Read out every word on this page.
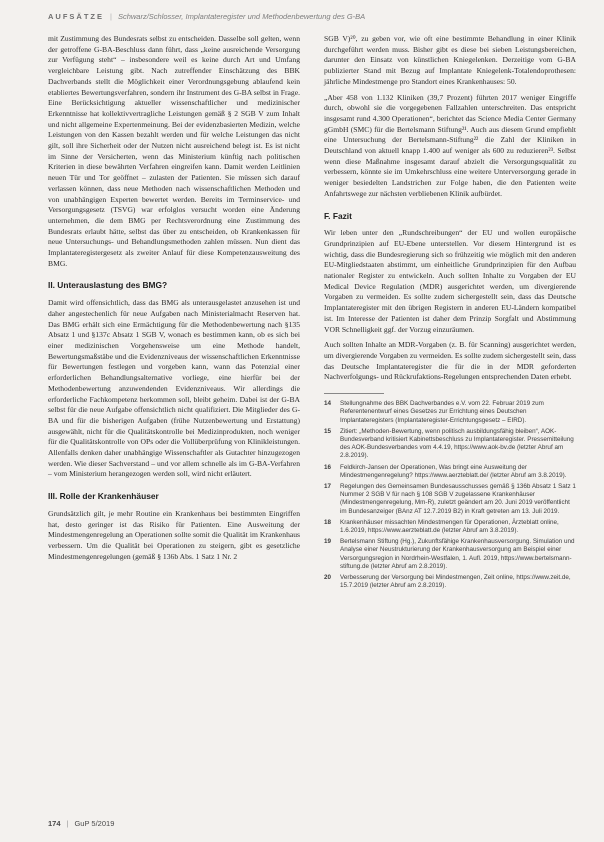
AUFSÄTZE | Schwarz/Schlosser, Implantateregister und Methodenbewertung des G-BA

mit Zustimmung des Bundesrats selbst zu entscheiden. Dasselbe soll gelten, wenn der getroffene G-BA-Beschluss dann führt, dass „keine ausreichende Versorgung zur Verfügung steht“ – insbesondere weil es keine durch Art und Umfang vergleichbare Leistung gibt. Nach zutreffender Einschätzung des BBK Dachverbands stellt die Möglichkeit einer Verordnungsgebung ablaufend kein etabliertes Bewertungsverfahren, sondern ihr Instrument des G-BA selbst in Frage. Eine Berücksichtigung aktueller wissenschaftlicher und medizinischer Erkenntnisse hat kollektivvertragliche Leistungen gemäß § 2 SGB V zum Inhalt und nicht allgemeine Expertenmeinung. Bei der evidenzbasierten Medizin, welche Leistungen von den Kassen bezahlt werden und für welche Leistungen das nicht gilt, soll ihre Sicherheit oder der Nutzen nicht ausreichend belegt ist. Es ist nicht im Sinne der Versicherten, wenn das Ministerium künftig nach politischen Kriterien in diese bewährten Verfahren eingreifen kann. Damit werden Leitlinien neuen Tür und Tor geöffnet – zulasten der Patienten. Sie müssen sich darauf verlassen können, dass neue Methoden nach wissenschaftlichen Methoden und von unabhängigen Experten bewertet werden. Bereits im Terminservice- und Versorgungsgesetz (TSVG) war erfolglos versucht worden eine Änderung unternehmen, die dem BMG per Rechtsverordnung eine Zustimmung des Bundesrats erlaubt hätte, selbst das über zu entscheiden, ob Krankenkassen für neue Untersuchungs- und Behandlungsmethoden zahlen müssen. Nun dient das Implantateregistergesetz als zweiter Anlauf für diese Kompetenzausweitung des BMG.

II. Unterauslastung des BMG?

Damit wird offensichtlich, dass das BMG als unterausgelastet anzusehen ist und daher angestechenlich für neue Aufgaben nach Ministerialmacht Reserven hat. Das BMG erhält sich eine Ermächtigung für die Methodenbewertung nach §135 Absatz 1 und §137c Absatz 1 SGB V, wonach es bestimmen kann, ob es sich bei einer medizinischen Vorgehensweise um eine Methode handelt, Bewertungsmaßstäbe und die Evidenzniveaus der wissenschaftlichen Erkenntnisse für Bewertungen festlegen und vorgeben kann, wann das Potenzial einer erforderlichen Behandlungsalternative vorliege, eine hierfür bei der Methodenbewertung anzuwendenden Evidenzniveaus. Wir allerdings die erforderliche Fachkompetenz herkommen soll, bleibt geheim. Dabei ist der G-BA selbst für die neue Aufgabe offensichtlich nicht qualifiziert. Die Mitglieder des G-BA und für die bisherigen Aufgaben (frühe Nutzenbewertung und Erstattung) ausgewählt, nicht für die Qualitätskontrolle bei Medizinprodukten, noch weniger für die Qualitätskontrolle von OPs oder die Vollüberprüfung von Klinikleistungen. Allenfalls denken daher unabhängige Wissenschaftler als Gutachter hinzugezogen werden. Wie dieser Sachverstand – und vor allem schnelle als im G-BA-Verfahren – vom Ministerium herangezogen werden soll, wird nicht erläutert.

III. Rolle der Krankenhäuser

Grundsätzlich gilt, je mehr Routine ein Krankenhaus bei bestimmten Eingriffen hat, desto geringer ist das Risiko für Patienten. Eine Ausweitung der Mindestmengenregelung an Operationen sollte somit die Qualität im Krankenhaus verbessern. Um die Qualität bei Operationen zu steigern, gibt es gesetzliche Mindestmengenregelungen (gemäß § 136b Abs. 1 Satz 1 Nr. 2

SGB V)²⁰, zu geben vor, wie oft eine bestimmte Behandlung in einer Klinik durchgeführt werden muss. Bisher gibt es diese bei sieben Leistungsbereichen, darunter den Einsatz von künstlichen Kniegelenken. Derzeitige vom G-BA publizierter Stand mit Bezug auf Implantate Kniegelenk-Totalendoprothesen: jährliche Mindestmenge pro Standort eines Krankenhauses: 50.

„Aber 458 von 1.132 Kliniken (39,7 Prozent) führten 2017 weniger Eingriffe durch, obwohl sie die vorgegebenen Fallzahlen unterschreiten. Das entspricht insgesamt rund 4.300 Operationen“, berichtet das Science Media Center Germany gGmbH (SMC) für die Bertelsmann Stiftung²¹. Auch aus diesem Grund empfiehlt eine Untersuchung der Bertelsmann-Stiftung²² die Zahl der Kliniken in Deutschland von aktuell knapp 1.400 auf weniger als 600 zu reduzieren²³. Selbst wenn diese Maßnahme insgesamt darauf abzielt die Versorgungsqualität zu verbessern, könnte sie im Umkehrschluss eine weitere Unterversorgung gerade in weniger besiedelten Landstrichen zur Folge haben, die den Patienten weite Anfahrtswege zur nächsten verbliebenen Klinik aufbürdet.

F. Fazit

Wir leben unter den „Rundschreibungen“ der EU und wollen europäische Grundprinzipien auf EU-Ebene unterstellen. Vor diesem Hintergrund ist es wichtig, dass die Bundesregierung sich so frühzeitig wie möglich mit den anderen EU-Mitgliedstaaten abstimmt, um einheitliche Grundprinzipien für den Aufbau nationaler Register zu entwickeln. Auch sollten Inhalte zu Vorgaben der EU Medical Device Regulation (MDR) ausgerichtet werden, um divergierende Vorgaben zu vermeiden. Es sollte zudem sichergestellt sein, dass das Deutsche Implantateregister mit den übrigen Registern in anderen EU-Ländern kompatibel ist. Im Interesse der Patienten ist daher dem Prinzip Sorgfalt und Abstimmung VOR Schnelligkeit ggf. der Vorzug einzuräumen.

Auch sollten Inhalte an MDR-Vorgaben (z. B. für Scanning) ausgerichtet werden, um divergierende Vorgaben zu vermeiden. Es sollte zudem sichergestellt sein, dass das Deutsche Implantateregister die für die in der MDR geforderten Nachverfolgungs- und Rückrufaktions-Regelungen entsprechenden Daten erhebt.

14	Stellungnahme des BBK Dachverbandes e.V. vom 22. Februar 2019 zum Referentenentwurf eines Gesetzes zur Errichtung eines Deutschen Implantateregisters (Implantateregister-Errichtungsgesetz – EIRD).
15	Zitiert: „Methoden-Bewertung, wenn politisch ausbildungsfähig bleiben“, AOK-Bundesverband kritisiert Kabinettsbeschluss zu Implantateregister. Pressemitteilung des AOK-Bundesverbandes vom 4.4.19, https://www.aok-bv.de (letzter Abruf am 2.8.2019).
16	Feldkirch-Jansen der Operationen, Was bringt eine Ausweitung der Mindestmengenregelung? https://www.aerzteblatt.de/ (letzter Abruf am 3.8.2019).
17	Regelungen des Gemeinsamen Bundesausschusses gemäß § 136b Absatz 1 Satz 1 Nummer 2 SGB V für nach § 108 SGB V zugelassene Krankenhäuser (Mindestmengenregelung, Mm-R), zuletzt geändert am 20. Juni 2019 veröffentlicht im Bundesanzeiger (BAnz AT 12.7.2019 B2) in Kraft getreten am 13. Juli 2019.
18	Krankenhäuser missachten Mindestmengen für Operationen, Ärzteblatt online, 1.6.2019, https://www.aerzteblatt.de (letzter Abruf am 3.8.2019).
19	Bertelsmann Stiftung (Hg.), Zukunftsfähige Krankenhausversorgung. Simulation und Analyse einer Neustrukturierung der Krankenhausversorgung am Beispiel einer Versorgungsregion in Nordrhein-Westfalen, 1. Aufl. 2019, https://www.bertelsmann-stiftung.de (letzter Abruf am 2.8.2019).
20	Verbesserung der Versorgung bei Mindestmengen, Zeit online, https://www.zeit.de, 15.7.2019 (letzter Abruf am 2.8.2019).
174 | GuP 5/2019
